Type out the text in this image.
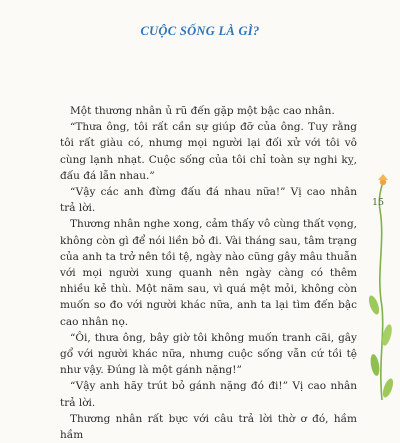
CUỘC SỐNG LÀ GÌ?

Một thương nhân ủ rũ đến gặp một bậc cao nhân.

“Thưa ông, tôi rất cần sự giúp đỡ của ông. Tuy rằng tôi rất giàu có, nhưng mọi người lại đối xử với tôi vô cùng lạnh nhạt. Cuộc sống của tôi chỉ toàn sự nghi kỵ, đấu đá lẫn nhau.”

“Vậy các anh đừng đấu đá nhau nữa!” Vị cao nhân trả lời.

Thương nhân nghe xong, cảm thấy vô cùng thất vọng, không còn gì để nói liền bỏ đi. Vài tháng sau, tâm trạng của anh ta trở nên tồi tệ, ngày nào cũng gây mâu thuẫn với mọi người xung quanh nên ngày càng có thêm nhiều kẻ thù. Một năm sau, vì quá mệt mỏi, không còn muốn so đo với người khác nữa, anh ta lại tìm đến bậc cao nhân nọ.

“Ôi, thưa ông, bây giờ tôi không muốn tranh cãi, gây gổ với người khác nữa, nhưng cuộc sống vẫn cứ tồi tệ như vậy. Đúng là một gánh nặng!”

“Vậy anh hãy trút bỏ gánh nặng đó đi!” Vị cao nhân trả lời.

Thương nhân rất bực với câu trả lời thờ ơ đó, hầm hầm

15
